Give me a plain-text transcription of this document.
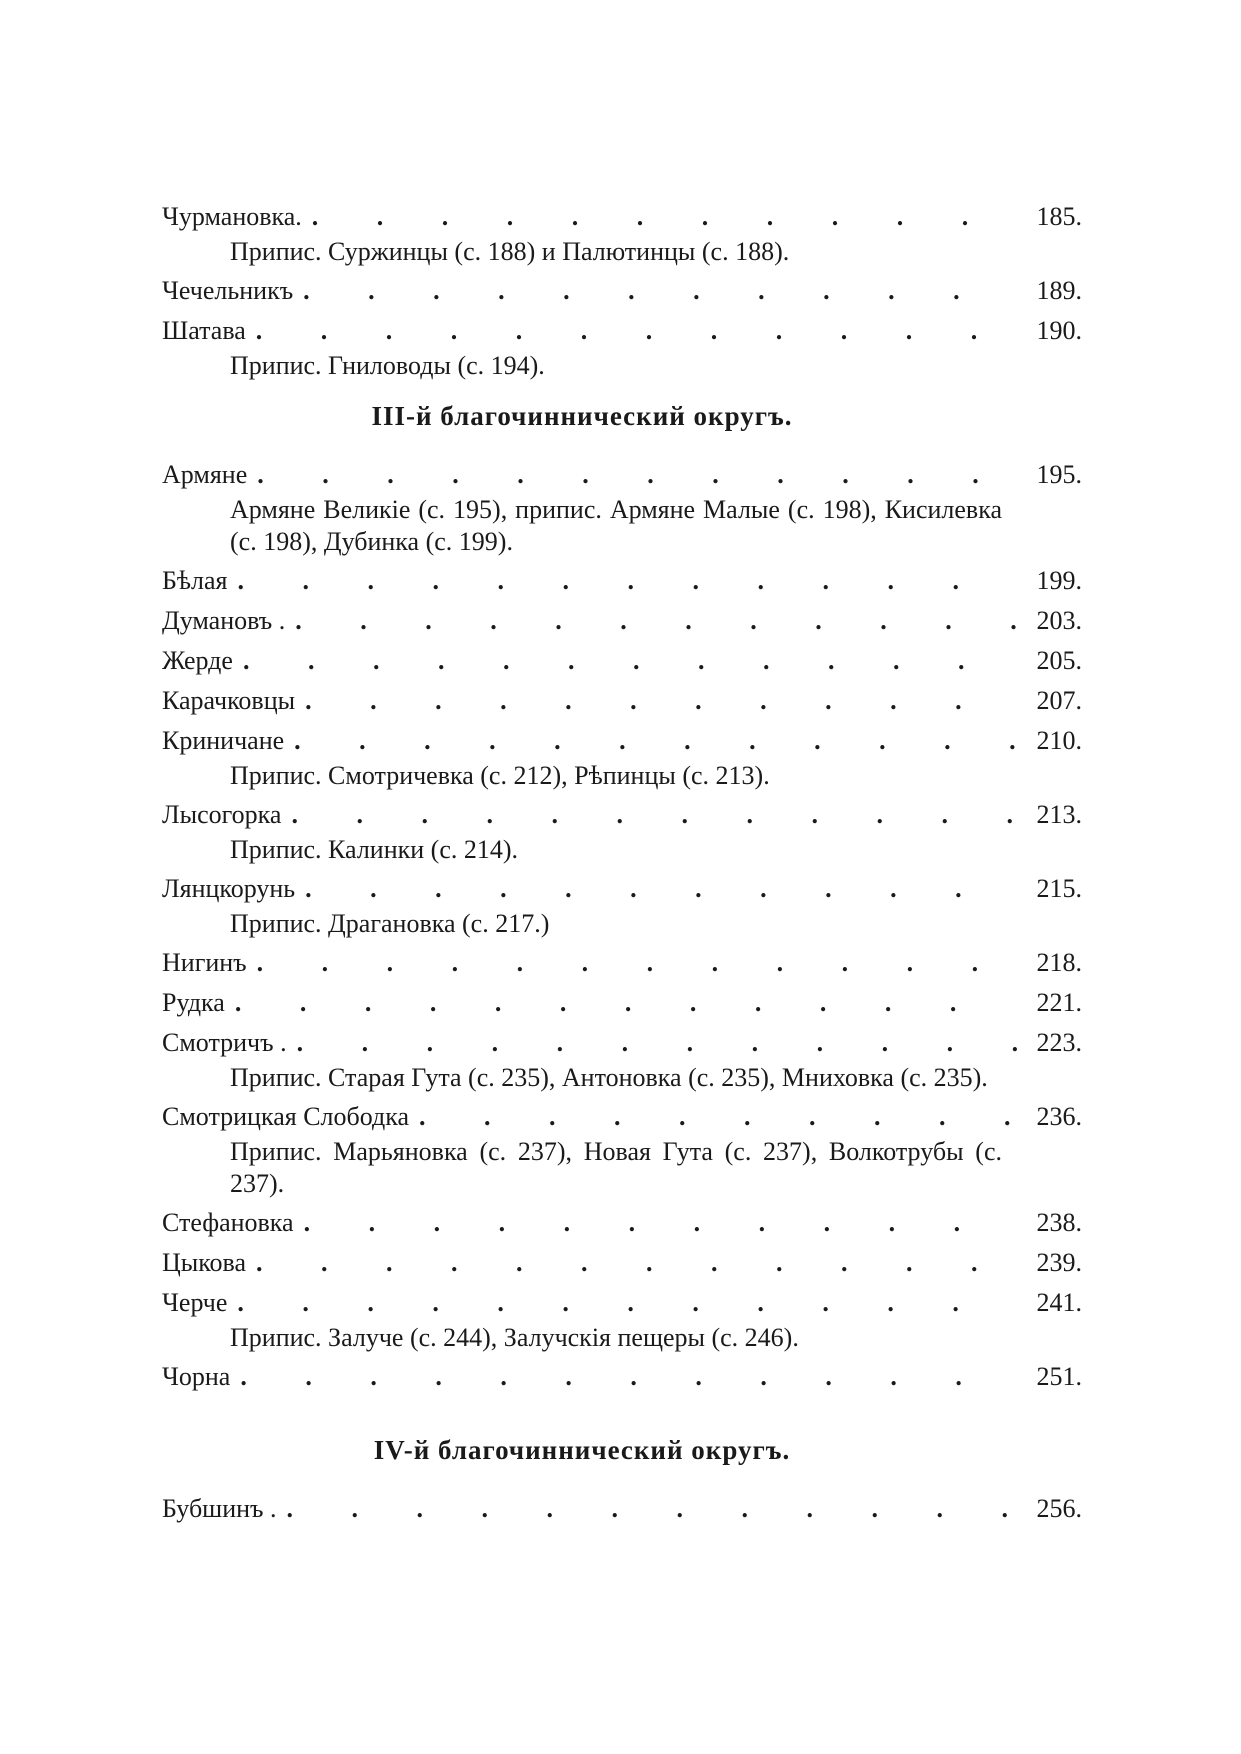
Чурмановка. .	185.
Припис. Суржинцы (с. 188) и Палютинцы (с. 188).
Чечельникъ .	189.
Шатава .	190.
Припис. Гниловоды (с. 194).
III-й благочиннический округъ.
Армяне .	195.
Армяне Великіе (с. 195), припис. Армяне Малые (с. 198), Кисилевка (с. 198), Дубинка (с. 199).
Бѣлая .	199.
Думановъ . .	203.
Жерде .	205.
Карачковцы .	207.
Криничане .	210.
Припис. Смотричевка (с. 212), Рѣпинцы (с. 213).
Лысогорка .	213.
Припис. Калинки (с. 214).
Лянцкорунь .	215.
Припис. Драгановка (с. 217.)
Нигинъ .	218.
Рудка .	221.
Смотричъ . .	223.
Припис. Старая Гута (с. 235), Антоновка (с. 235), Мниховка (с. 235).
Смотрицкая Слободка .	236.
Припис. Марьяновка (с. 237), Новая Гута (с. 237), Волкотрубы (с. 237).
Стефановка .	238.
Цыкова .	239.
Черче .	241.
Припис. Залуче (с. 244), Залучскія пещеры (с. 246).
Чорна .	251.
IV-й благочиннический округъ.
Бубшинъ . .	256.
